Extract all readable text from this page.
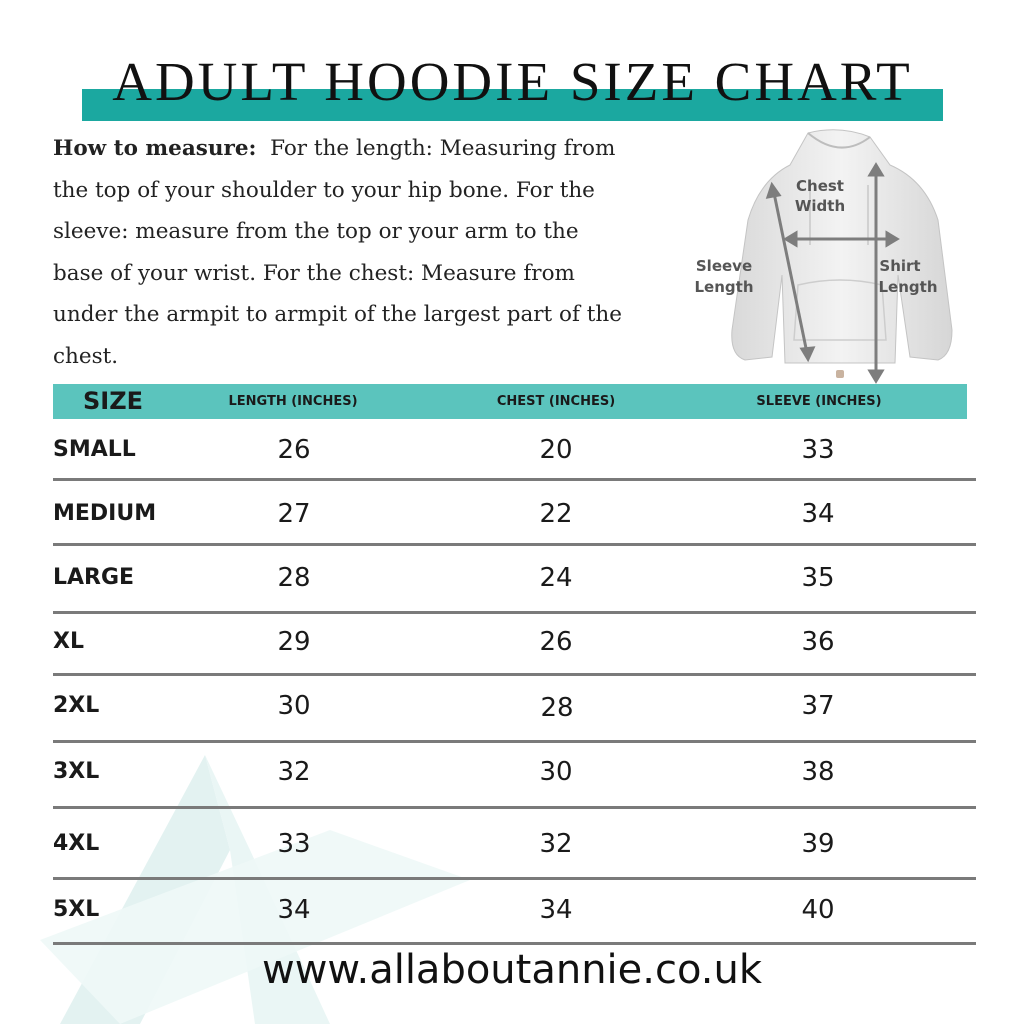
ADULT HOODIE SIZE CHART
How to measure: For the length: Measuring from the top of your shoulder to your hip bone. For the sleeve: measure from the top or your arm to the base of your wrist. For the chest: Measure from under the armpit to armpit of the largest part of the chest.
Chest
Width
Sleeve
Length
Shirt
Length
SIZE	LENGTH (INCHES)	CHEST (INCHES)	SLEEVE (INCHES)
SMALL	26	20	33
MEDIUM	27	22	34
LARGE	28	24	35
XL	29	26	36
2XL	30	28	37
3XL	32	30	38
4XL	33	32	39
5XL	34	34	40
www.allaboutannie.co.uk
